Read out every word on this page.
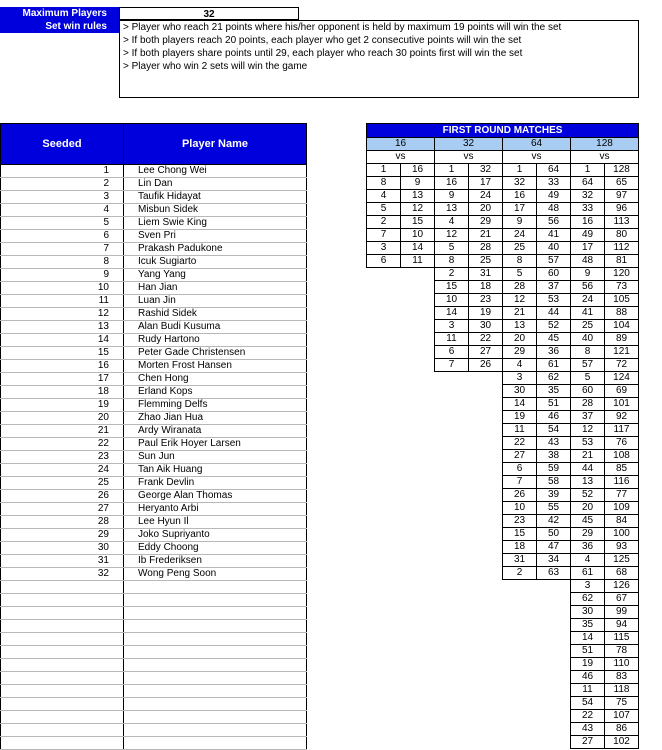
Maximum Players	32
Set win rules	> Player who reach 21 points where his/her opponent is held by maximum 19 points will win the set
> If both players reach 20 points, each player who get 2 consecutive points will win the set
> If both players share points until 29, each player who reach 30 points first will win the set
> Player who win 2 sets will win the game
Seeded	Player Name
1	Lee Chong Wei
2	Lin Dan
3	Taufik Hidayat
4	Misbun Sidek
5	Liem Swie King
6	Sven Pri
7	Prakash Padukone
8	Icuk Sugiarto
9	Yang Yang
10	Han Jian
11	Luan Jin
12	Rashid Sidek
13	Alan Budi Kusuma
14	Rudy Hartono
15	Peter Gade Christensen
16	Morten Frost Hansen
17	Chen Hong
18	Erland Kops
19	Flemming Delfs
20	Zhao Jian Hua
21	Ardy Wiranata
22	Paul Erik Hoyer Larsen
23	Sun Jun
24	Tan Aik Huang
25	Frank Devlin
26	George Alan Thomas
27	Heryanto Arbi
28	Lee Hyun Il
29	Joko Supriyanto
30	Eddy Choong
31	Ib Frederiksen
32	Wong Peng Soon

FIRST ROUND MATCHES							
16		32		64		128	
vs		vs		vs		vs	
1	16	1	32	1	64	1	128
8	9	16	17	32	33	64	65
4	13	9	24	16	49	32	97
5	12	13	20	17	48	33	96
2	15	4	29	9	56	16	113
7	10	12	21	24	41	49	80
3	14	5	28	25	40	17	112
6	11	8	25	8	57	48	81
		2	31	5	60	9	120
		15	18	28	37	56	73
		10	23	12	53	24	105
		14	19	21	44	41	88
		3	30	13	52	25	104
		11	22	20	45	40	89
		6	27	29	36	8	121
		7	26	4	61	57	72
				3	62	5	124
				30	35	60	69
				14	51	28	101
				19	46	37	92
				11	54	12	117
				22	43	53	76
				27	38	21	108
				6	59	44	85
				7	58	13	116
				26	39	52	77
				10	55	20	109
				23	42	45	84
				15	50	29	100
				18	47	36	93
				31	34	4	125
				2	63	61	68
						3	126
						62	67
						30	99
						35	94
						14	115
						51	78
						19	110
						46	83
						11	118
						54	75
						22	107
						43	86
						27	102
